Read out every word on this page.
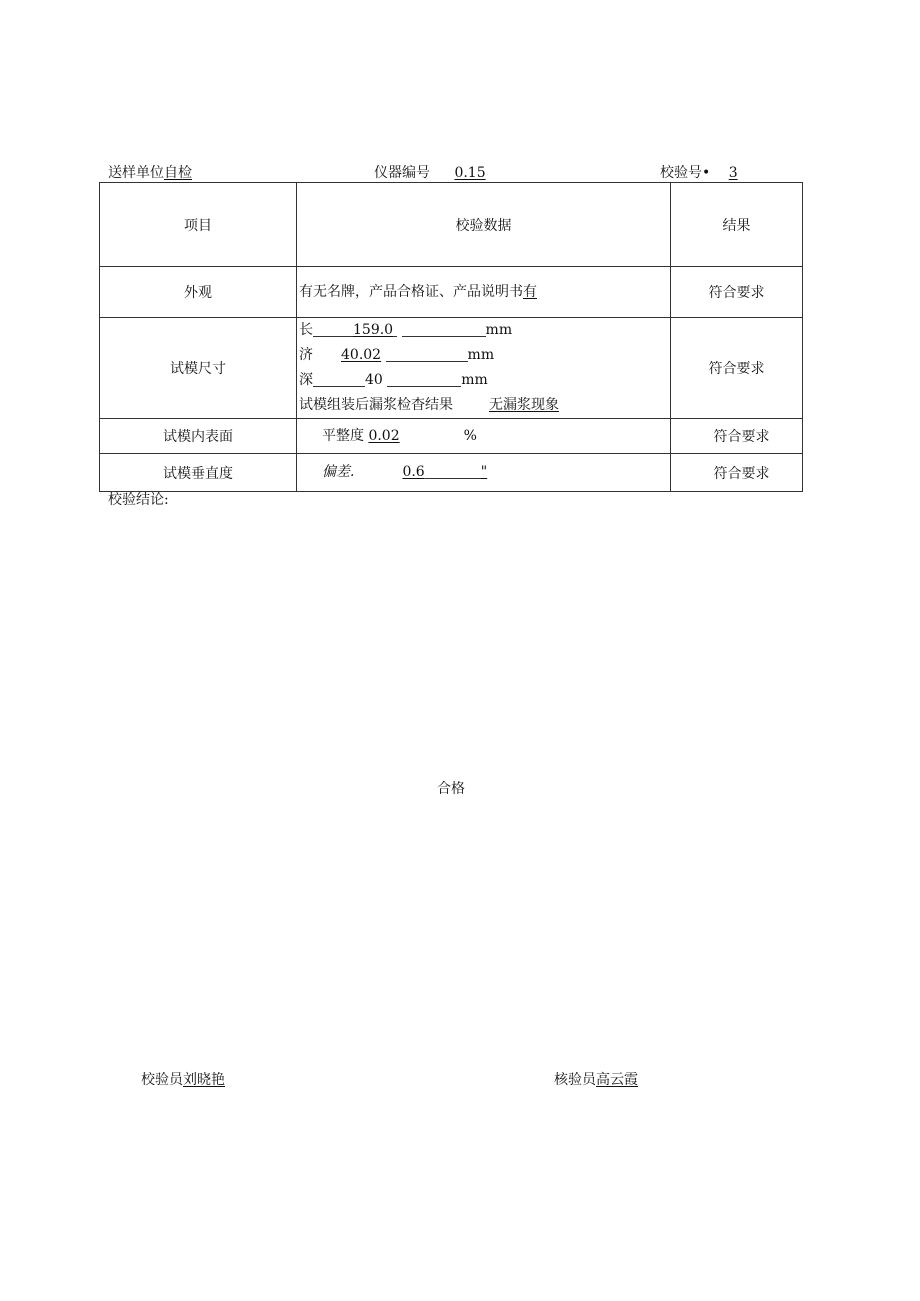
送样单位自检	仪器编号 0.15	校验号• 3
项目	校验数据	结果
外观	有无名牌，产品合格证、产品说明书有	符合要求
试模尺寸	长 159.0 mm
济 40.02 mm
深 40 mm
试模组装后漏浆检杳结果 无漏浆现象	符合要求
试模内表面	平整度 0.02 %	符合要求
试模垂直度	偏差. 0.6 "	符合要求
校验结论:
合格
校验员刘晓艳	核验员高云霞
